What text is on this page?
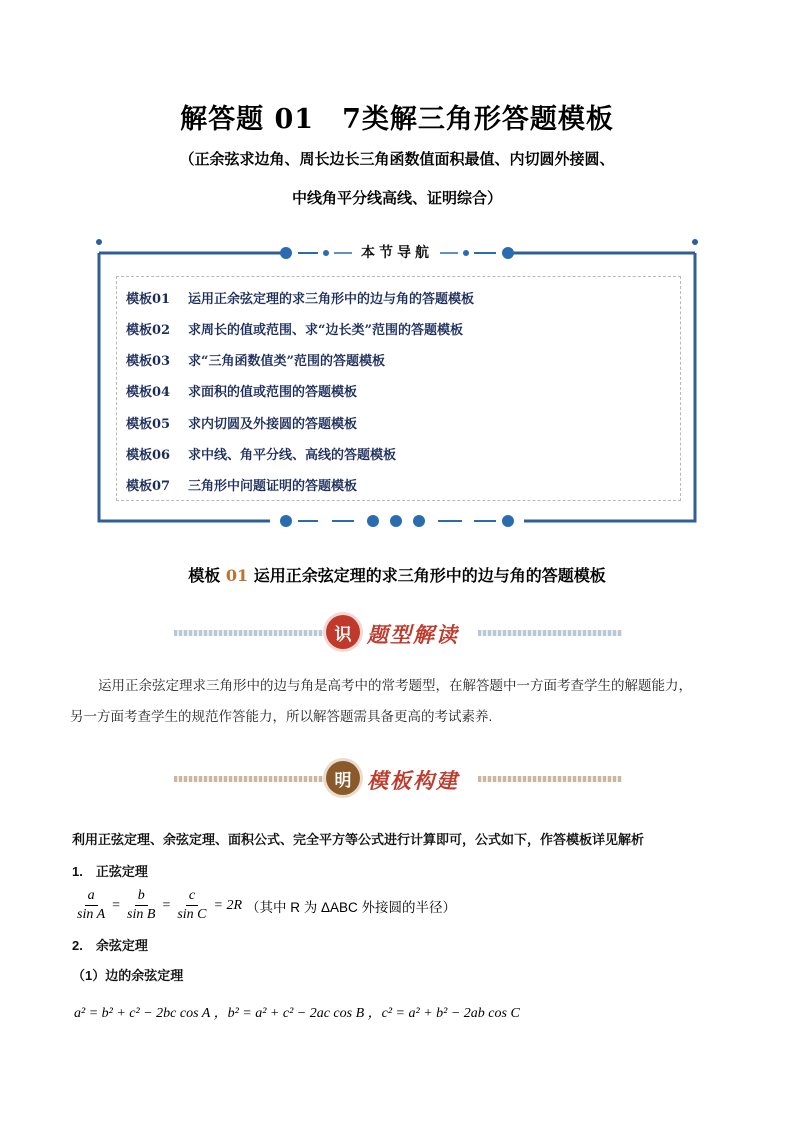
解答题 01　7类解三角形答题模板
（正余弦求边角、周长边长三角函数值面积最值、内切圆外接圆、
中线角平分线高线、证明综合）
本节导航
模板01 运用正余弦定理的求三角形中的边与角的答题模板
模板02 求周长的值或范围、求“边长类”范围的答题模板
模板03 求“三角函数值类”范围的答题模板
模板04 求面积的值或范围的答题模板
模板05 求内切圆及外接圆的答题模板
模板06 求中线、角平分线、高线的答题模板
模板07 三角形中问题证明的答题模板
模板 01 运用正余弦定理的求三角形中的边与角的答题模板
识 题型解读
运用正余弦定理求三角形中的边与角是高考中的常考题型，在解答题中一方面考查学生的解题能力，
另一方面考查学生的规范作答能力，所以解答题需具备更高的考试素养.
明 模板构建
利用正弦定理、余弦定理、面积公式、完全平方等公式进行计算即可，公式如下，作答模板详见解析
1.　正弦定理
$\frac{a}{\text{sin A}} = \frac{b}{\text{sin B}} = \frac{c}{\text{sin C}} = 2R$ （其中 R 为 ΔABC 外接圆的半径）
2.　余弦定理
（1）边的余弦定理
a² = b² + c² − 2bc cos A ，b² = a² + c² − 2ac cos B ，c² = a² + b² − 2ab cos C
